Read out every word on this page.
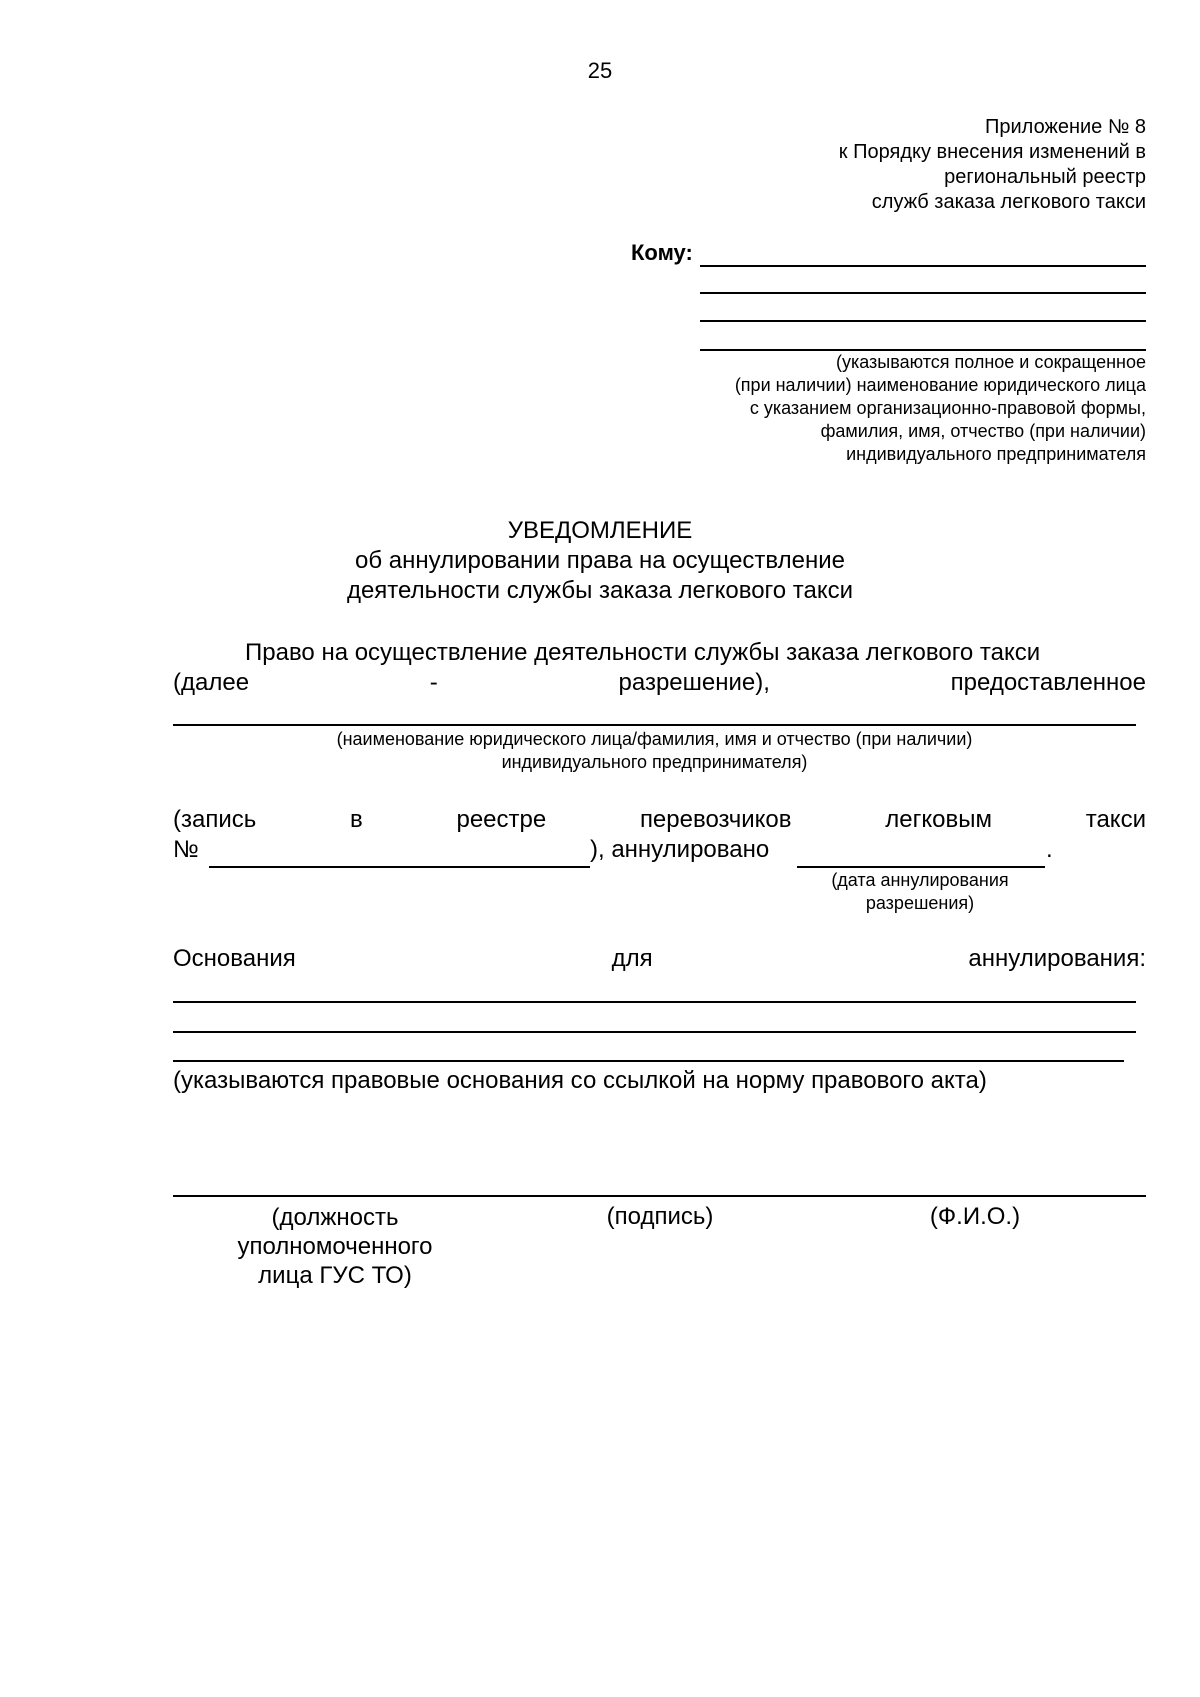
25
Приложение № 8
к Порядку внесения изменений в
региональный реестр
служб заказа легкового такси
Кому:
(указываются полное и сокращенное
(при наличии) наименование юридического лица
с указанием организационно-правовой формы,
фамилия, имя, отчество (при наличии)
индивидуального предпринимателя
УВЕДОМЛЕНИЕ
об аннулировании права на осуществление
деятельности службы заказа легкового такси
Право на осуществление деятельности службы заказа легкового такси
(далее	-	разрешение),	предоставленное
(наименование юридического лица/фамилия, имя и отчество (при наличии)
индивидуального предпринимателя)
(запись	в	реестре	перевозчиков	легковым	такси
№	), аннулировано	.
(дата аннулирования
разрешения)
Основания	для	аннулирования:
(указываются правовые основания со ссылкой на норму правового акта)
(должность
уполномоченного
лица ГУС ТО)
(подпись)	(Ф.И.О.)
